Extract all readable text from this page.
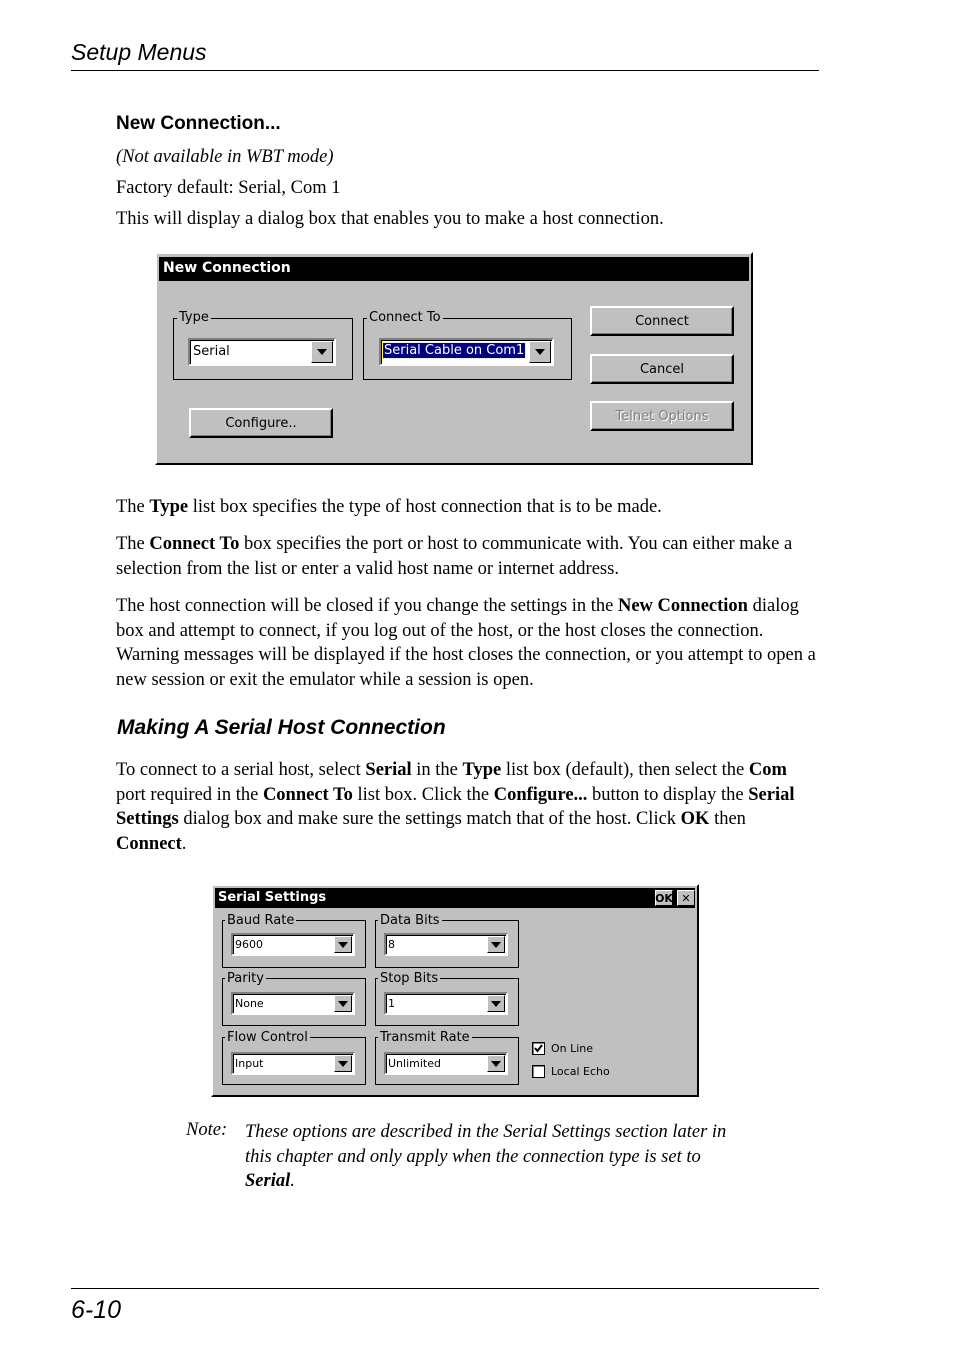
Setup Menus
New Connection...
(Not available in WBT mode)
Factory default: Serial, Com 1
This will display a dialog box that enables you to make a host connection.
New Connection
Type
Serial
Connect To
Serial Cable on Com1
Connect
Cancel
Telnet Options
Configure..
The Type list box specifies the type of host connection that is to be made.
The Connect To box specifies the port or host to communicate with. You can either make a selection from the list or enter a valid host name or internet address.
The host connection will be closed if you change the settings in the New Connection dialog box and attempt to connect, if you log out of the host, or the host closes the connection. Warning messages will be displayed if the host closes the connection, or you attempt to open a new session or exit the emulator while a session is open.
Making A Serial Host Connection
To connect to a serial host, select Serial in the Type list box (default), then select the Com port required in the Connect To list box. Click the Configure... button to display the Serial Settings dialog box and make sure the settings match that of the host. Click OK then Connect.
Serial Settings	OK ✕
Baud Rate
9600
Data Bits
8
Parity
None
Stop Bits
1
Flow Control
Input
Transmit Rate
Unlimited
On Line
Local Echo
Note: These options are described in the Serial Settings section later in this chapter and only apply when the connection type is set to Serial.
6-10
